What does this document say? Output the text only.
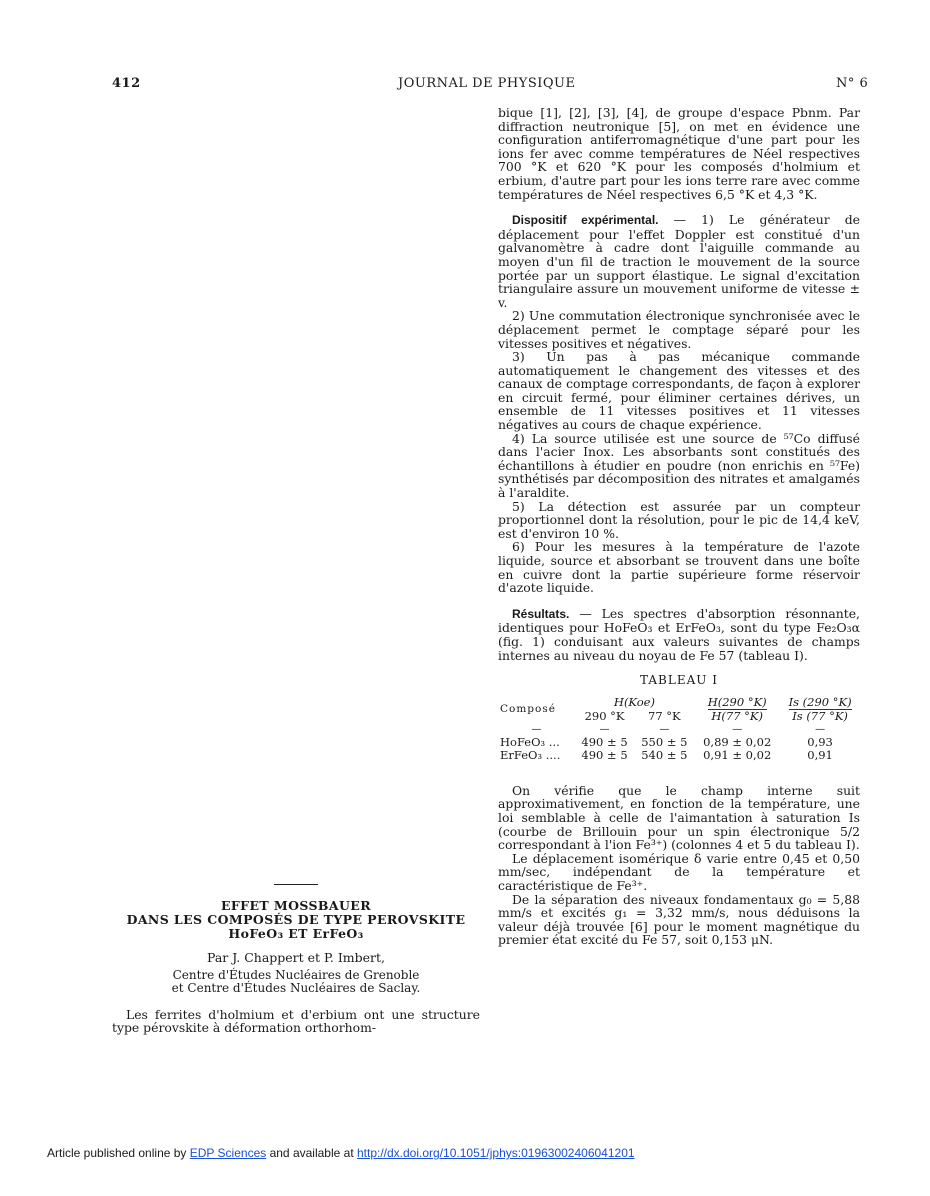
412	JOURNAL DE PHYSIQUE	N° 6

bique [1], [2], [3], [4], de groupe d'espace Pbnm. Par diffraction neutronique [5], on met en évidence une configuration antiferromagnétique d'une part pour les ions fer avec comme températures de Néel respectives 700 °K et 620 °K pour les composés d'holmium et erbium, d'autre part pour les ions terre rare avec comme températures de Néel respectives 6,5 °K et 4,3 °K.

Dispositif expérimental. — 1) Le générateur de déplacement pour l'effet Doppler est constitué d'un galvanomètre à cadre dont l'aiguille commande au moyen d'un fil de traction le mouvement de la source portée par un support élastique. Le signal d'excitation triangulaire assure un mouvement uniforme de vitesse ± v.

2) Une commutation électronique synchronisée avec le déplacement permet le comptage séparé pour les vitesses positives et négatives.

3) Un pas à pas mécanique commande automatiquement le changement des vitesses et des canaux de comptage correspondants, de façon à explorer en circuit fermé, pour éliminer certaines dérives, un ensemble de 11 vitesses positives et 11 vitesses négatives au cours de chaque expérience.

4) La source utilisée est une source de ⁵⁷Co diffusé dans l'acier Inox. Les absorbants sont constitués des échantillons à étudier en poudre (non enrichis en ⁵⁷Fe) synthétisés par décomposition des nitrates et amalgamés à l'araldite.

5) La détection est assurée par un compteur proportionnel dont la résolution, pour le pic de 14,4 keV, est d'environ 10 %.

6) Pour les mesures à la température de l'azote liquide, source et absorbant se trouvent dans une boîte en cuivre dont la partie supérieure forme réservoir d'azote liquide.

Résultats. — Les spectres d'absorption résonnante, identiques pour HoFeO₃ et ErFeO₃, sont du type Fe₂O₃α (fig. 1) conduisant aux valeurs suivantes de champs internes au niveau du noyau de Fe 57 (tableau I).

TABLEAU I
Composé	H(Koe)		$\frac{H(290 ^\circ K)}{H(77 ^\circ K)}$	$\frac{Is (290 ^\circ K)}{Is (77 ^\circ K)}$

	290 °K	77 °K		
—	—	—	—	—
HoFeO₃ ...	490 ± 5	550 ± 5	0,89 ± 0,02	0,93
ErFeO₃ ....	490 ± 5	540 ± 5	0,91 ± 0,02	0,91

On vérifie que le champ interne suit approximativement, en fonction de la température, une loi semblable à celle de l'aimantation à saturation Is (courbe de Brillouin pour un spin électronique 5/2 correspondant à l'ion Fe³⁺) (colonnes 4 et 5 du tableau I).

Le déplacement isomérique δ varie entre 0,45 et 0,50 mm/sec, indépendant de la température et caractéristique de Fe³⁺.

De la séparation des niveaux fondamentaux g₀ = 5,88 mm/s et excités g₁ = 3,32 mm/s, nous déduisons la valeur déjà trouvée [6] pour le moment magnétique du premier état excité du Fe 57, soit 0,153 μN.

EFFET MOSSBAUER
DANS LES COMPOSÉS DE TYPE PEROVSKITE
HoFeO₃ ET ErFeO₃
Par J. Chappert et P. Imbert,
Centre d'Études Nucléaires de Grenoble
et Centre d'Études Nucléaires de Saclay.

Les ferrites d'holmium et d'erbium ont une structure type pérovskite à déformation orthorhom-

Article published online by EDP Sciences and available at http://dx.doi.org/10.1051/jphys:01963002406041201
